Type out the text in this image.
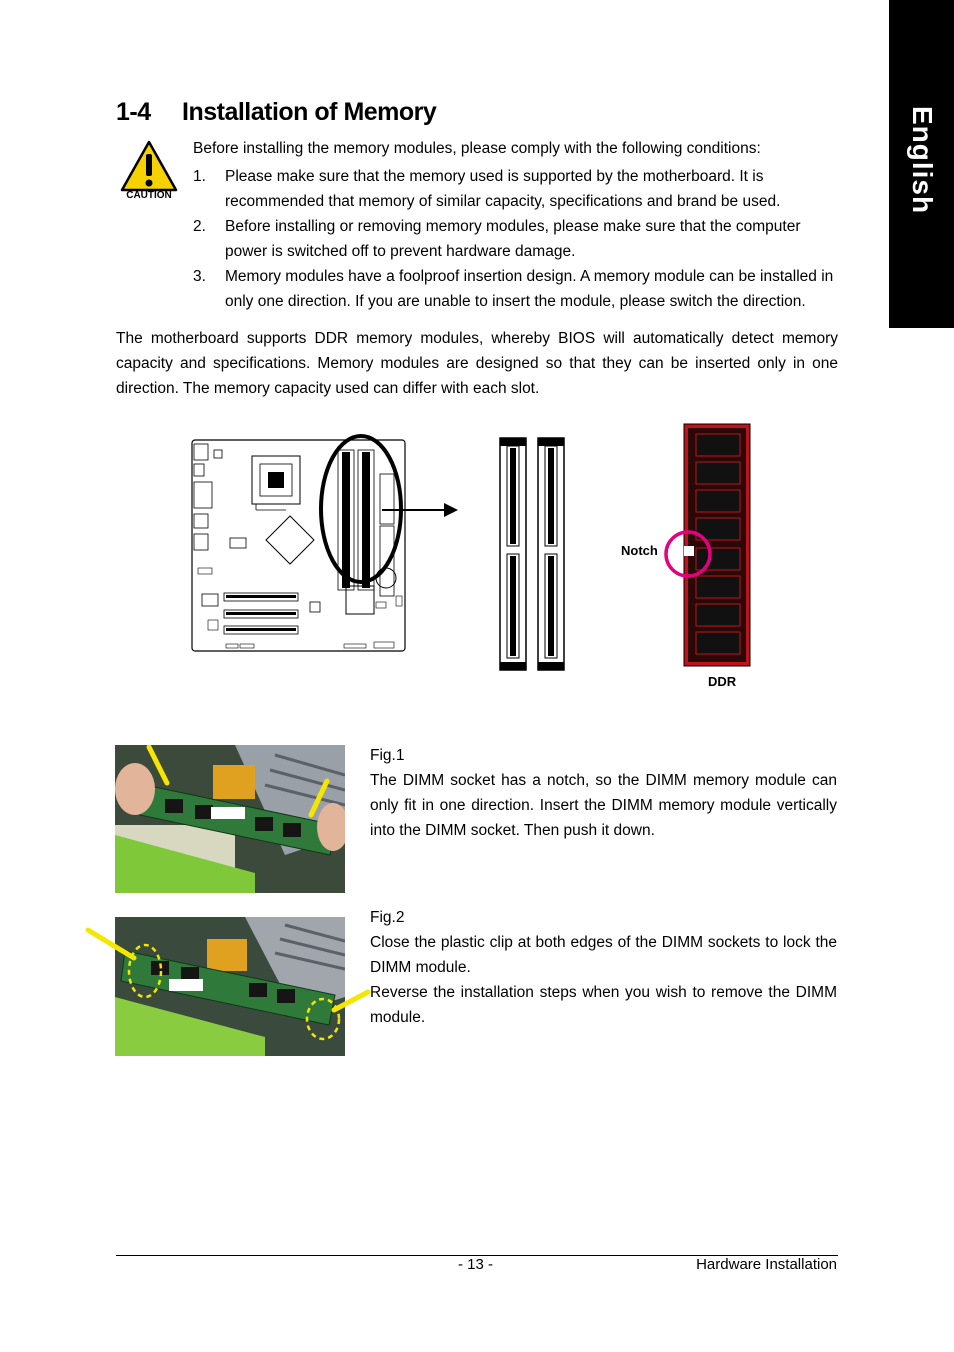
English
1-4 Installation of Memory
CAUTION
Before installing the memory modules, please comply with the following conditions:
1. Please make sure that the memory used is supported by the motherboard. It is recommended that memory of similar capacity, specifications and brand be used.
2. Before installing or removing memory modules, please make sure that the computer power is switched off to prevent hardware damage.
3. Memory modules have a foolproof insertion design. A memory module can be installed in only one direction. If you are unable to insert the module, please switch the direction.
The motherboard supports DDR memory modules, whereby BIOS will automatically detect memory capacity and specifications. Memory modules are designed so that they can be inserted only in one direction. The memory capacity used can differ with each slot.
Notch
DDR
Fig.1
The DIMM socket has a notch, so the DIMM memory module can only fit in one direction. Insert the DIMM memory module vertically into the DIMM socket. Then push it down.
Fig.2
Close the plastic clip at both edges of the DIMM sockets to lock the DIMM module.
Reverse the installation steps when you wish to remove the DIMM module.
- 13 -	Hardware Installation
